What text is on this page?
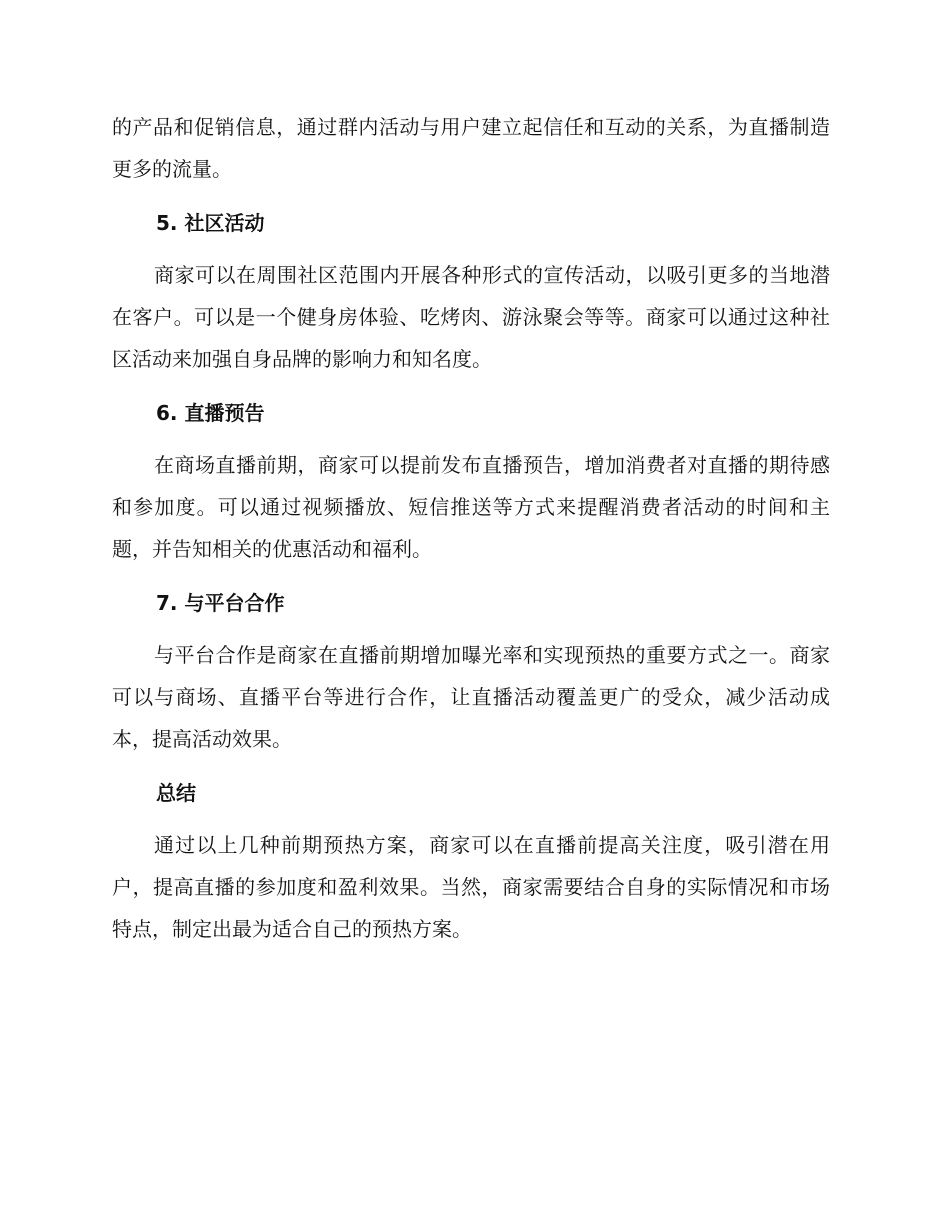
的产品和促销信息，通过群内活动与用户建立起信任和互动的关系，为直播制造更多的流量。

5. 社区活动

商家可以在周围社区范围内开展各种形式的宣传活动，以吸引更多的当地潜在客户。可以是一个健身房体验、吃烤肉、游泳聚会等等。商家可以通过这种社区活动来加强自身品牌的影响力和知名度。

6. 直播预告

在商场直播前期，商家可以提前发布直播预告，增加消费者对直播的期待感和参加度。可以通过视频播放、短信推送等方式来提醒消费者活动的时间和主题，并告知相关的优惠活动和福利。

7. 与平台合作

与平台合作是商家在直播前期增加曝光率和实现预热的重要方式之一。商家可以与商场、直播平台等进行合作，让直播活动覆盖更广的受众，减少活动成本，提高活动效果。

总结

通过以上几种前期预热方案，商家可以在直播前提高关注度，吸引潜在用户，提高直播的参加度和盈利效果。当然，商家需要结合自身的实际情况和市场特点，制定出最为适合自己的预热方案。
